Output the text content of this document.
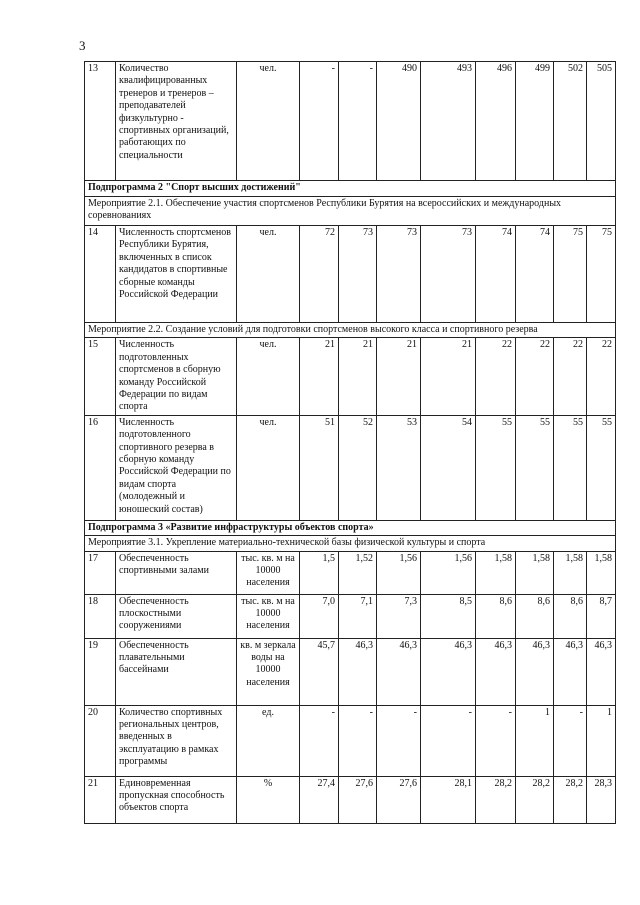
3
13	Количество квалифицированных тренеров и тренеров – преподавателей физкультурно - спортивных организаций, работающих по специальности	чел.	-	-	490	493	496	499	502	505
Подпрограмма 2 "Спорт высших достижений"										
Мероприятие 2.1. Обеспечение участия спортсменов Республики Бурятия на всероссийских и международных соревнованиях										
14	Численность спортсменов Республики Бурятия, включенных в список кандидатов в спортивные сборные команды Российской Федерации	чел.	72	73	73	73	74	74	75	75
Мероприятие 2.2. Создание условий для подготовки спортсменов высокого класса и спортивного резерва										
15	Численность подготовленных спортсменов в сборную команду Российской Федерации по видам спорта	чел.	21	21	21	21	22	22	22	22
16	Численность подготовленного спортивного резерва в сборную команду Российской Федерации по видам спорта (молодежный и юношеский состав)	чел.	51	52	53	54	55	55	55	55
Подпрограмма 3 «Развитие инфраструктуры объектов спорта»										
Мероприятие 3.1. Укрепление материально-технической базы физической культуры и спорта										
17	Обеспеченность спортивными залами	тыс. кв. м на 10000 населения	1,5	1,52	1,56	1,56	1,58	1,58	1,58	1,58
18	Обеспеченность плоскостными сооружениями	тыс. кв. м на 10000 населения	7,0	7,1	7,3	8,5	8,6	8,6	8,6	8,7
19	Обеспеченность плавательными бассейнами	кв. м зеркала воды на 10000 населения	45,7	46,3	46,3	46,3	46,3	46,3	46,3	46,3
20	Количество спортивных региональных центров, введенных в эксплуатацию в рамках программы	ед.	-	-	-	-	-	1	-	1
21	Единовременная пропускная способность объектов спорта	%	27,4	27,6	27,6	28,1	28,2	28,2	28,2	28,3
